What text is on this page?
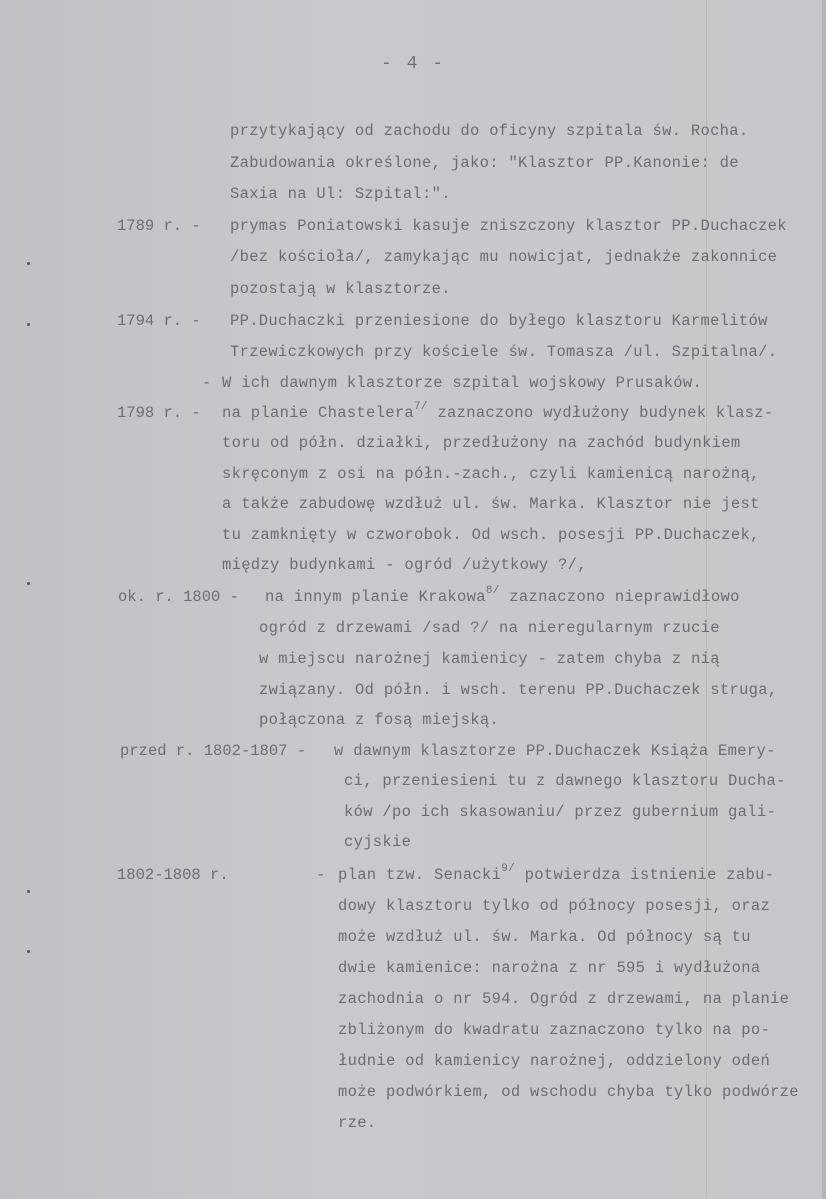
- 4 -
przytykający od zachodu do oficyny szpitala św. Rocha.
Zabudowania określone, jako: "Klasztor PP.Kanonie: de
Saxia na Ul: Szpital:".
1789 r. - prymas Poniatowski kasuje zniszczony klasztor PP.Duchaczek
/bez kościoła/, zamykając mu nowicjat, jednakże zakonnice
pozostają w klasztorze.
1794 r. - PP.Duchaczki przeniesione do byłego klasztoru Karmelitów
Trzewiczkowych przy kościele św. Tomasza /ul. Szpitalna/.
- W ich dawnym klasztorze szpital wojskowy Prusaków.
1798 r. - na planie Chastelera$^{7/}$ zaznaczono wydłużony budynek klasz-
toru od półn. działki, przedłużony na zachód budynkiem
skręconym z osi na półn.-zach., czyli kamienicą narożną,
a także zabudowę wzdłuż ul. św. Marka. Klasztor nie jest
tu zamknięty w czworobok. Od wsch. posesji PP.Duchaczek,
między budynkami - ogród /użytkowy ?/,
ok. r. 1800 - na innym planie Krakowa$^{8/}$ zaznaczono nieprawidłowo
ogród z drzewami /sad ?/ na nieregularnym rzucie
w miejscu narożnej kamienicy - zatem chyba z nią
związany. Od półn. i wsch. terenu PP.Duchaczek struga,
połączona z fosą miejską.
przed r. 1802-1807 - w dawnym klasztorze PP.Duchaczek Książa Emery-
ci, przeniesieni tu z dawnego klasztoru Ducha-
ków /po ich skasowaniu/ przez gubernium gali-
cyjskie
1802-1808 r.	- plan tzw. Senacki$^{9/}$ potwierdza istnienie zabu-
dowy klasztoru tylko od północy posesji, oraz
może wzdłuż ul. św. Marka. Od północy są tu
dwie kamienice: narożna z nr 595 i wydłużona
zachodnia o nr 594. Ogród z drzewami, na planie
zbliżonym do kwadratu zaznaczono tylko na po-
łudnie od kamienicy narożnej, oddzielony odeń
może podwórkiem, od wschodu chyba tylko podwórze
rze.
